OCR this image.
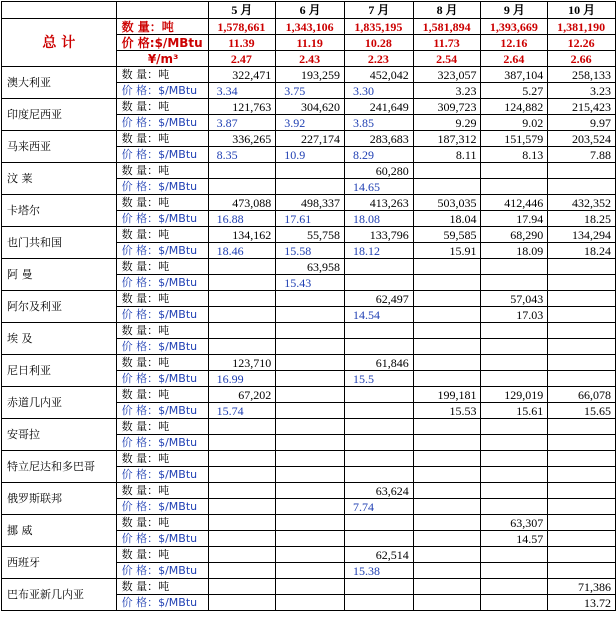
		5 月	6 月	7 月	8 月	9 月	10 月
总 计	数 量：吨	1,578,661	1,343,106	1,835,195	1,581,894	1,393,669	1,381,190
	价 格:$/MBtu	11.39	11.19	10.28	11.73	12.16	12.26
	¥/m³	2.47	2.43	2.23	2.54	2.64	2.66
澳大利亚	数 量：吨	322,471	193,259	452,042	323,057	387,104	258,133
	价 格：$/MBtu	3.34	3.75	3.30	3.23	5.27	3.23
印度尼西亚	数 量：吨	121,763	304,620	241,649	309,723	124,882	215,423
	价 格：$/MBtu	3.87	3.92	3.85	9.29	9.02	9.97
马来西亚	数 量：吨	336,265	227,174	283,683	187,312	151,579	203,524
	价 格：$/MBtu	8.35	10.9	8.29	8.11	8.13	7.88
汶 莱	数 量：吨			60,280			
	价 格：$/MBtu			14.65			
卡塔尔	数 量：吨	473,088	498,337	413,263	503,035	412,446	432,352
	价 格：$/MBtu	16.88	17.61	18.08	18.04	17.94	18.25
也门共和国	数 量：吨	134,162	55,758	133,796	59,585	68,290	134,294
	价 格：$/MBtu	18.46	15.58	18.12	15.91	18.09	18.24
阿 曼	数 量：吨		63,958				
	价 格：$/MBtu		15.43				
阿尔及利亚	数 量：吨			62,497		57,043	
	价 格：$/MBtu			14.54		17.03	
埃 及	数 量：吨						
	价 格：$/MBtu						
尼日利亚	数 量：吨	123,710		61,846			
	价 格：$/MBtu	16.99		15.5			
赤道几内亚	数 量：吨	67,202			199,181	129,019	66,078
	价 格：$/MBtu	15.74			15.53	15.61	15.65
安哥拉	数 量：吨						
	价 格：$/MBtu						
特立尼达和多巴哥	数 量：吨						
	价 格：$/MBtu						
俄罗斯联邦	数 量：吨			63,624			
	价 格：$/MBtu			7.74			
挪 威	数 量：吨					63,307	
	价 格：$/MBtu					14.57	
西班牙	数 量：吨			62,514			
	价 格：$/MBtu			15.38			
巴布亚新几内亚	数 量：吨						71,386
	价 格：$/MBtu						13.72
